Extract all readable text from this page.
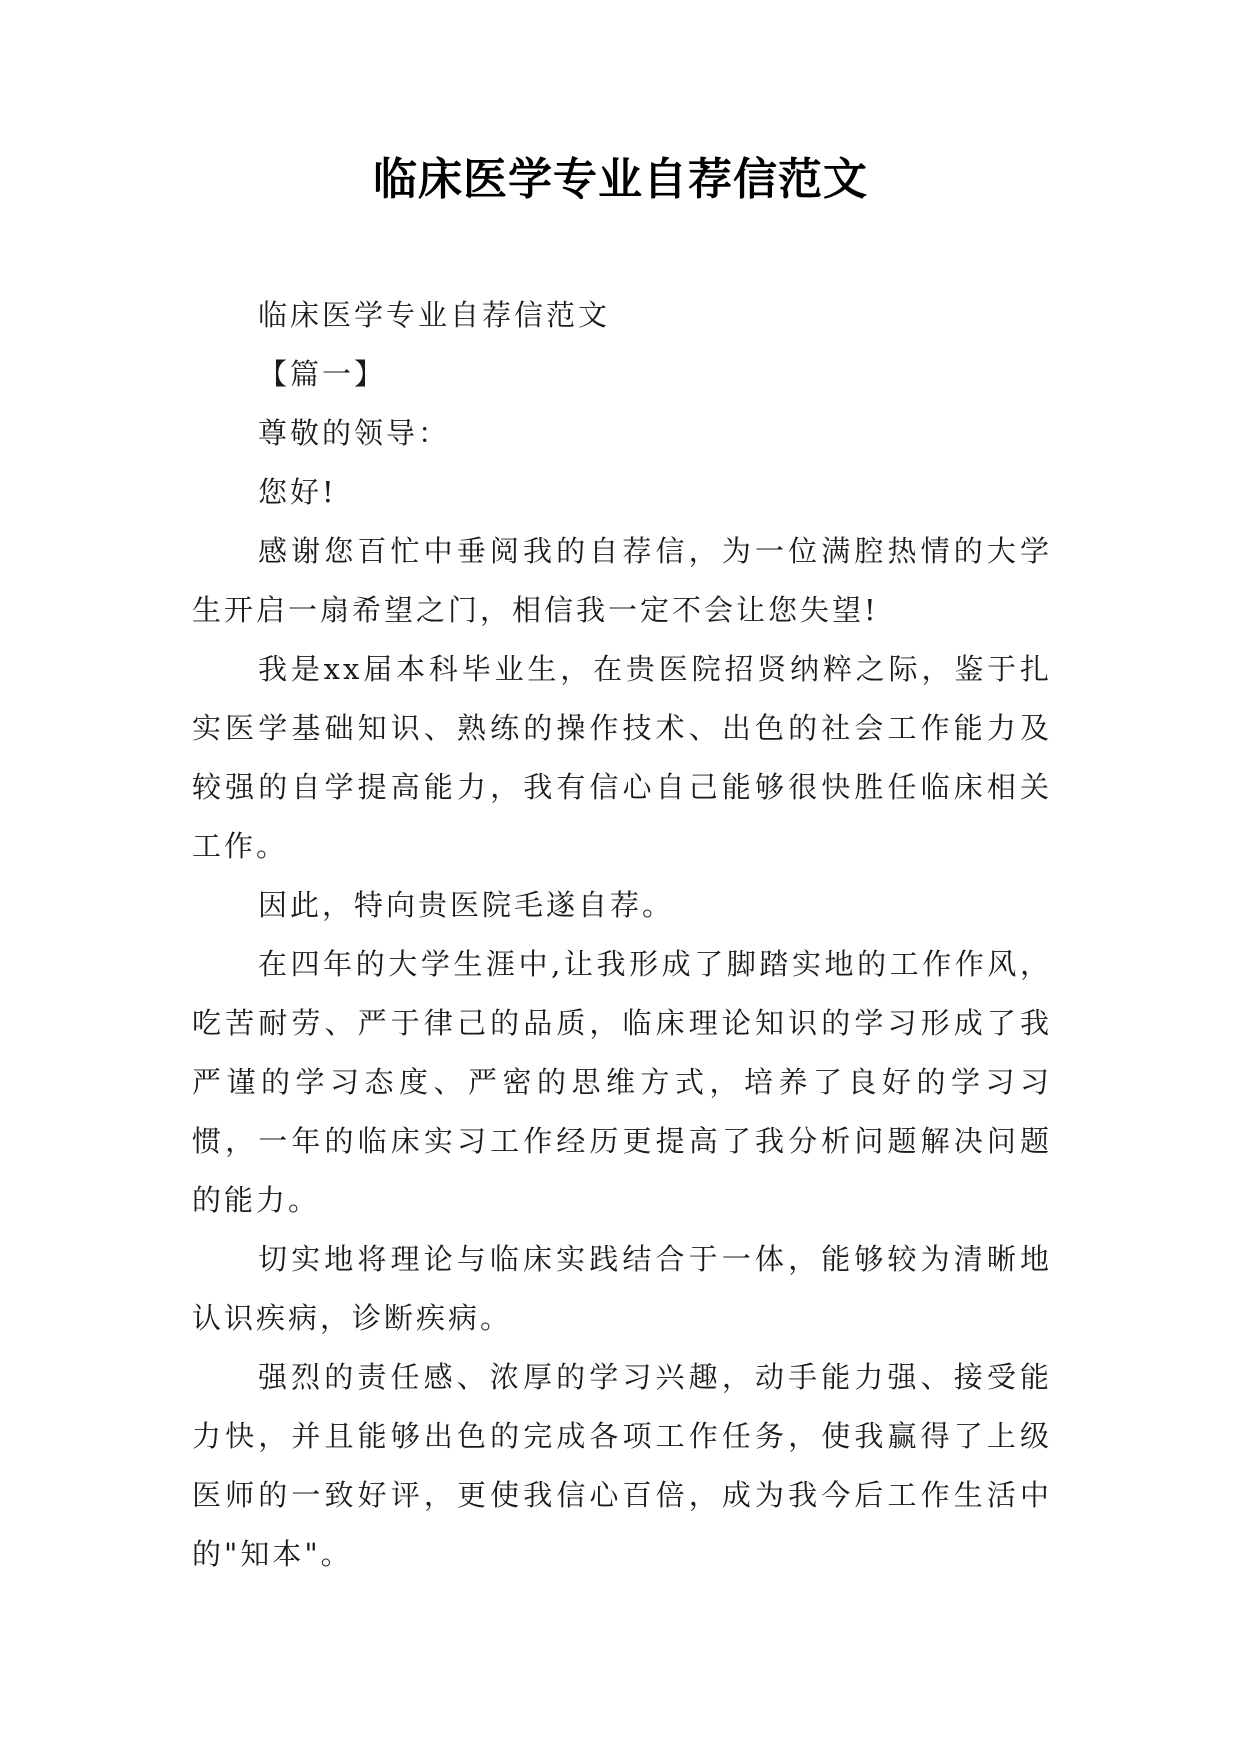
临床医学专业自荐信范文

临床医学专业自荐信范文

【篇一】

尊敬的领导：

您好!

感谢您百忙中垂阅我的自荐信，为一位满腔热情的大学生开启一扇希望之门，相信我一定不会让您失望!

我是xx届本科毕业生，在贵医院招贤纳粹之际，鉴于扎实医学基础知识、熟练的操作技术、出色的社会工作能力及较强的自学提高能力，我有信心自己能够很快胜任临床相关工作。

因此，特向贵医院毛遂自荐。

在四年的大学生涯中,让我形成了脚踏实地的工作作风，吃苦耐劳、严于律己的品质，临床理论知识的学习形成了我严谨的学习态度、严密的思维方式，培养了良好的学习习惯，一年的临床实习工作经历更提高了我分析问题解决问题的能力。

切实地将理论与临床实践结合于一体，能够较为清晰地认识疾病，诊断疾病。

强烈的责任感、浓厚的学习兴趣，动手能力强、接受能力快，并且能够出色的完成各项工作任务，使我赢得了上级医师的一致好评，更使我信心百倍，成为我今后工作生活中的"知本"。
